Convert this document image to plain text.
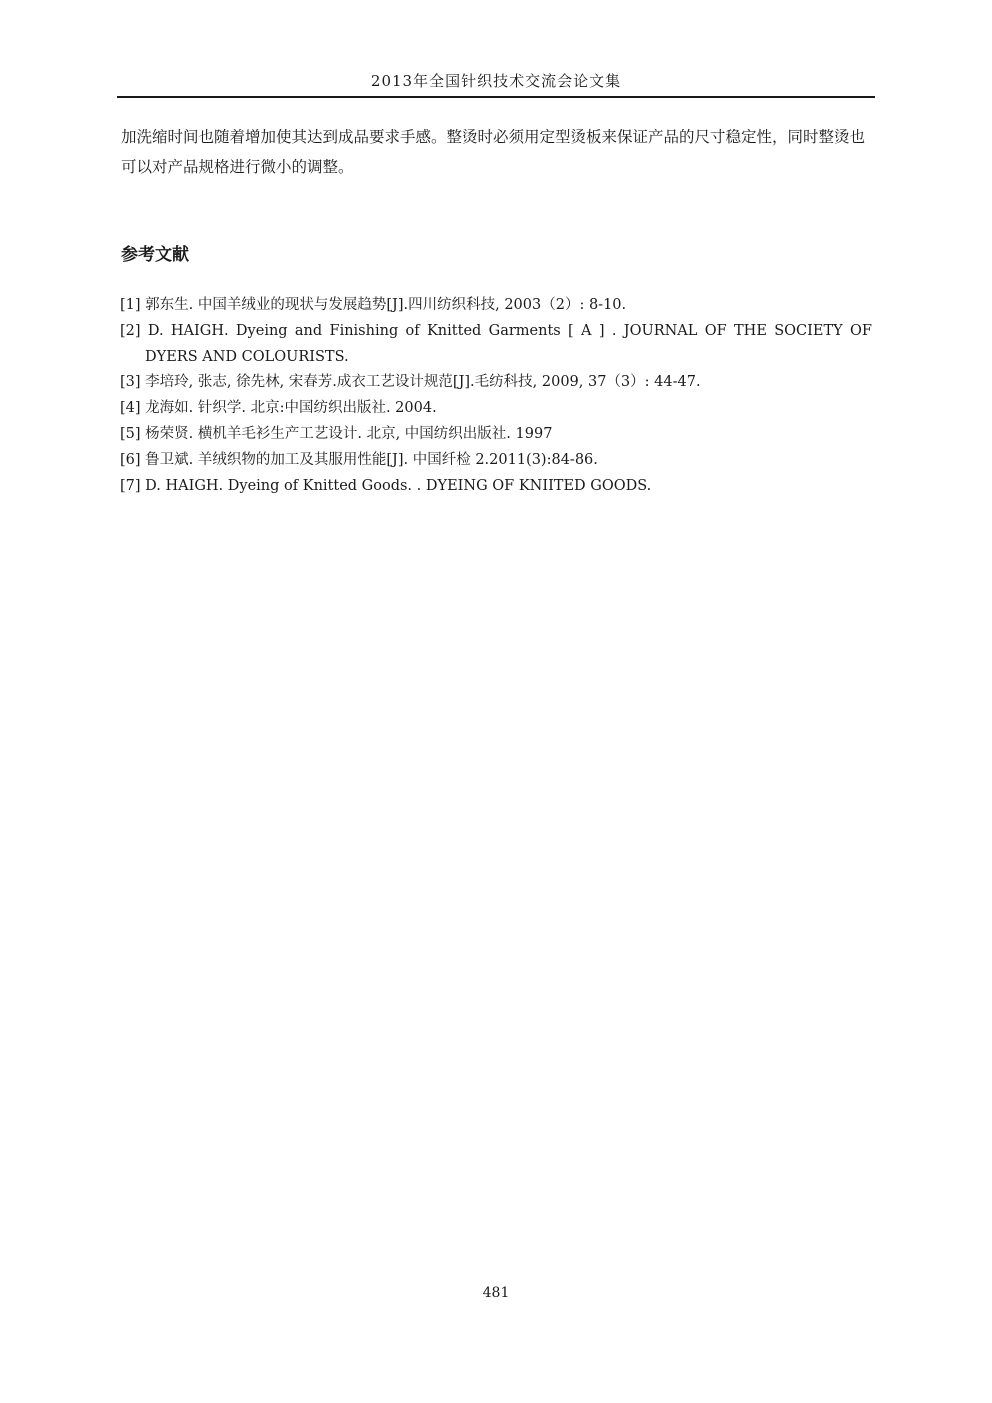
2013年全国针织技术交流会论文集

加洗缩时间也随着增加使其达到成品要求手感。整烫时必须用定型烫板来保证产品的尺寸稳定性，同时整烫也可以对产品规格进行微小的调整。

参考文献
[1] 郭东生. 中国羊绒业的现状与发展趋势[J].四川纺织科技, 2003（2）: 8-10.
[2] D. HAIGH. Dyeing and Finishing of Knitted Garments [ A ] . JOURNAL OF THE SOCIETY OF
DYERS AND COLOURISTS.
[3] 李培玲, 张志, 徐先林, 宋春芳.成衣工艺设计规范[J].毛纺科技, 2009, 37（3）: 44-47.
[4] 龙海如. 针织学. 北京:中国纺织出版社. 2004.
[5] 杨荣贤. 横机羊毛衫生产工艺设计. 北京, 中国纺织出版社. 1997
[6] 鲁卫斌. 羊绒织物的加工及其服用性能[J]. 中国纤检 2.2011(3):84-86.
[7] D. HAIGH. Dyeing of Knitted Goods. . DYEING OF KNIITED GOODS.
481
